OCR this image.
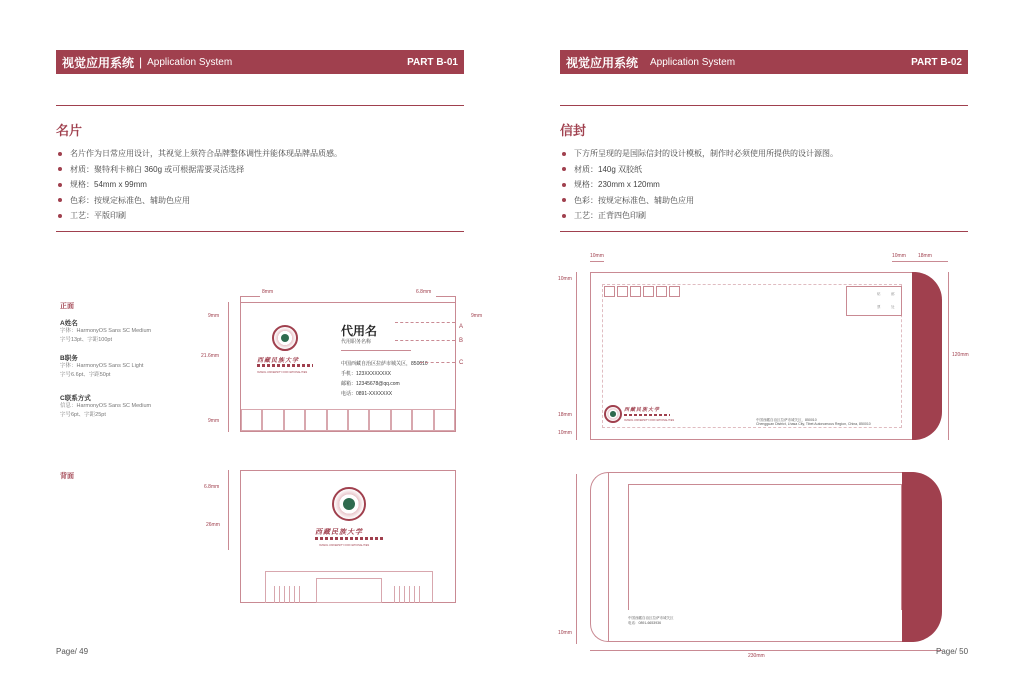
视觉应用系统 | Application System	PART B-01
名片
名片作为日常应用设计，其视觉上须符合品牌整体调性并能体现品牌品质感。
材质：聚特利卡棉白 360g 或可根据需要灵活选择
规格：54mm x 99mm
色彩：按规定标准色、辅助色应用
工艺：平版印刷
正面
A姓名
字体：HarmonyOS Sans SC Medium
字号13pt、字距100pt
B职务
字体：HarmonyOS Sans SC Light
字号6.6pt、字距50pt
C联系方式
信息：HarmonyOS Sans SC Medium
字号6pt、字距25pt
背面
8mm	6.8mm
9mm
21.6mm
9mm
9mm
西藏民族大学
XIZANG UNIVERSITY FOR NATIONALITIES
代用名
代用职务名称
中国西藏自治区拉萨市城关区，850010
手机：123XXXXXXXX
邮箱：12345678@qq.com
电话：0891-XXXXXXX
A
B
C
6.8mm
26mm
西藏民族大学
XIZANG UNIVERSITY FOR NATIONALITIES
Page/ 49
视觉应用系统 Application System	PART B-02
信封
下方所呈现的是国际信封的设计模板，制作时必须使用所提供的设计源图。
材质：140g 双胶纸
规格：230mm x 120mm
色彩：按规定标准色、辅助色应用
工艺：正背四色印刷
10mm	10mm 18mm
10mm
120mm
18mm
10mm
贴	邮
票	处
西藏民族大学
XIZANG UNIVERSITY FOR NATIONALITIES	中国西藏自治区拉萨市城关区，850010
Chengguan District, Lhasa City, Tibet Autonomous Region, China, 850010
10mm
中国西藏自治区拉萨市城关区
电话：0891-6653936
230mm	Page/ 50
